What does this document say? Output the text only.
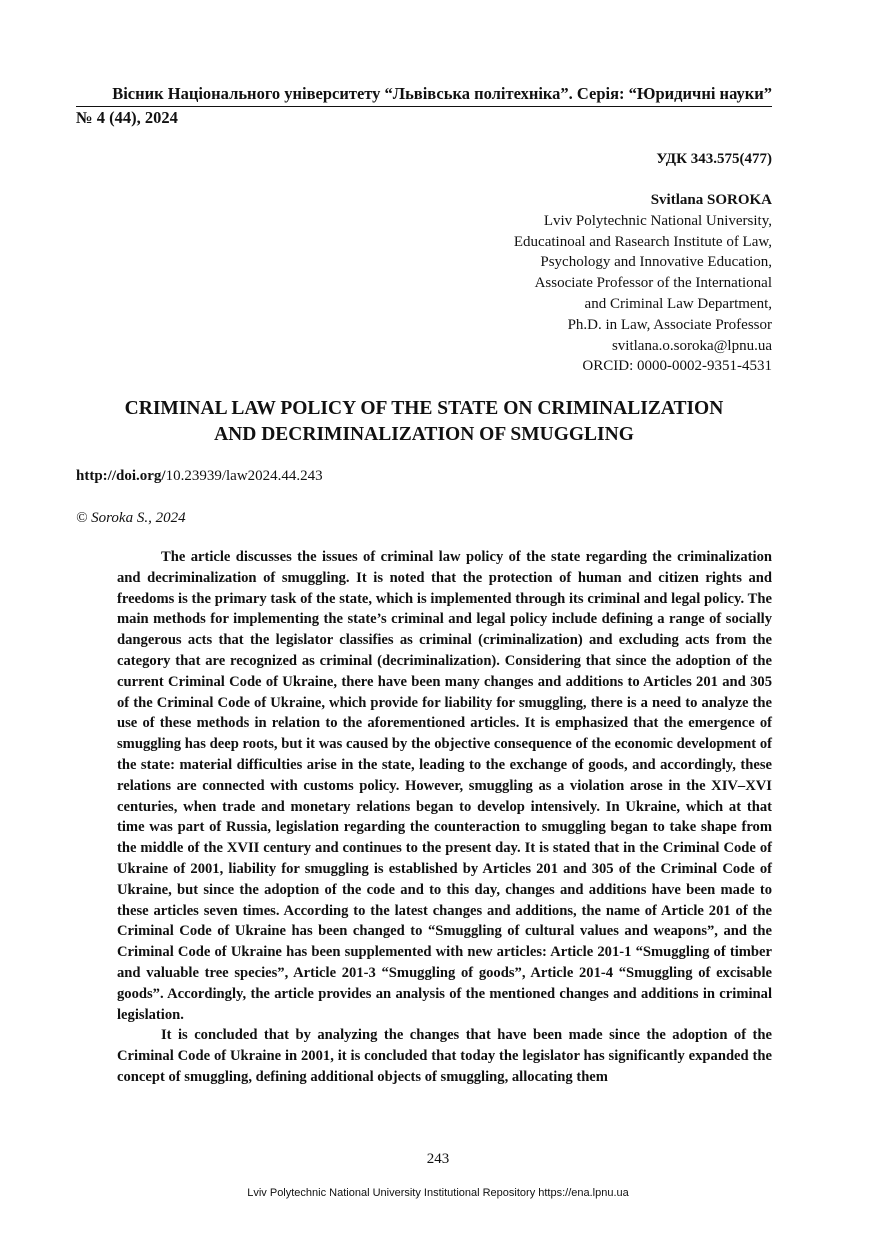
Вісник Національного університету “Львівська політехніка”. Серія: “Юридичні науки”
№ 4 (44), 2024
УДК 343.575(477)
Svitlana SOROKA
Lviv Polytechnic National University,
Educatinoal and Rasearch Institute of Law,
Psychology and Innovative Education,
Associate Professor of the International
and Criminal Law Department,
Ph.D. in Law, Associate Professor
svitlana.o.soroka@lpnu.ua
ORCID: 0000-0002-9351-4531
CRIMINAL LAW POLICY OF THE STATE ON CRIMINALIZATION
AND DECRIMINALIZATION OF SMUGGLING
http://doi.org/10.23939/law2024.44.243
© Soroka S., 2024

The article discusses the issues of criminal law policy of the state regarding the criminalization and decriminalization of smuggling. It is noted that the protection of human and citizen rights and freedoms is the primary task of the state, which is implemented through its criminal and legal policy. The main methods for implementing the state’s criminal and legal policy include defining a range of socially dangerous acts that the legislator classifies as criminal (criminalization) and excluding acts from the category that are recognized as criminal (decriminalization). Considering that since the adoption of the current Criminal Code of Ukraine, there have been many changes and additions to Articles 201 and 305 of the Criminal Code of Ukraine, which provide for liability for smuggling, there is a need to analyze the use of these methods in relation to the aforementioned articles. It is emphasized that the emergence of smuggling has deep roots, but it was caused by the objective consequence of the economic development of the state: material difficulties arise in the state, leading to the exchange of goods, and accordingly, these relations are connected with customs policy. However, smuggling as a violation arose in the XIV–XVI centuries, when trade and monetary relations began to develop intensively. In Ukraine, which at that time was part of Russia, legislation regarding the counteraction to smuggling began to take shape from the middle of the XVII century and continues to the present day. It is stated that in the Criminal Code of Ukraine of 2001, liability for smuggling is established by Articles 201 and 305 of the Criminal Code of Ukraine, but since the adoption of the code and to this day, changes and additions have been made to these articles seven times. According to the latest changes and additions, the name of Article 201 of the Criminal Code of Ukraine has been changed to “Smuggling of cultural values and weapons”, and the Criminal Code of Ukraine has been supplemented with new articles: Article 201-1 “Smuggling of timber and valuable tree species”, Article 201-3 “Smuggling of goods”, Article 201-4 “Smuggling of excisable goods”. Accordingly, the article provides an analysis of the mentioned changes and additions in criminal legislation.

It is concluded that by analyzing the changes that have been made since the adoption of the Criminal Code of Ukraine in 2001, it is concluded that today the legislator has significantly expanded the concept of smuggling, defining additional objects of smuggling, allocating them

243
Lviv Polytechnic National University Institutional Repository https://ena.lpnu.ua
